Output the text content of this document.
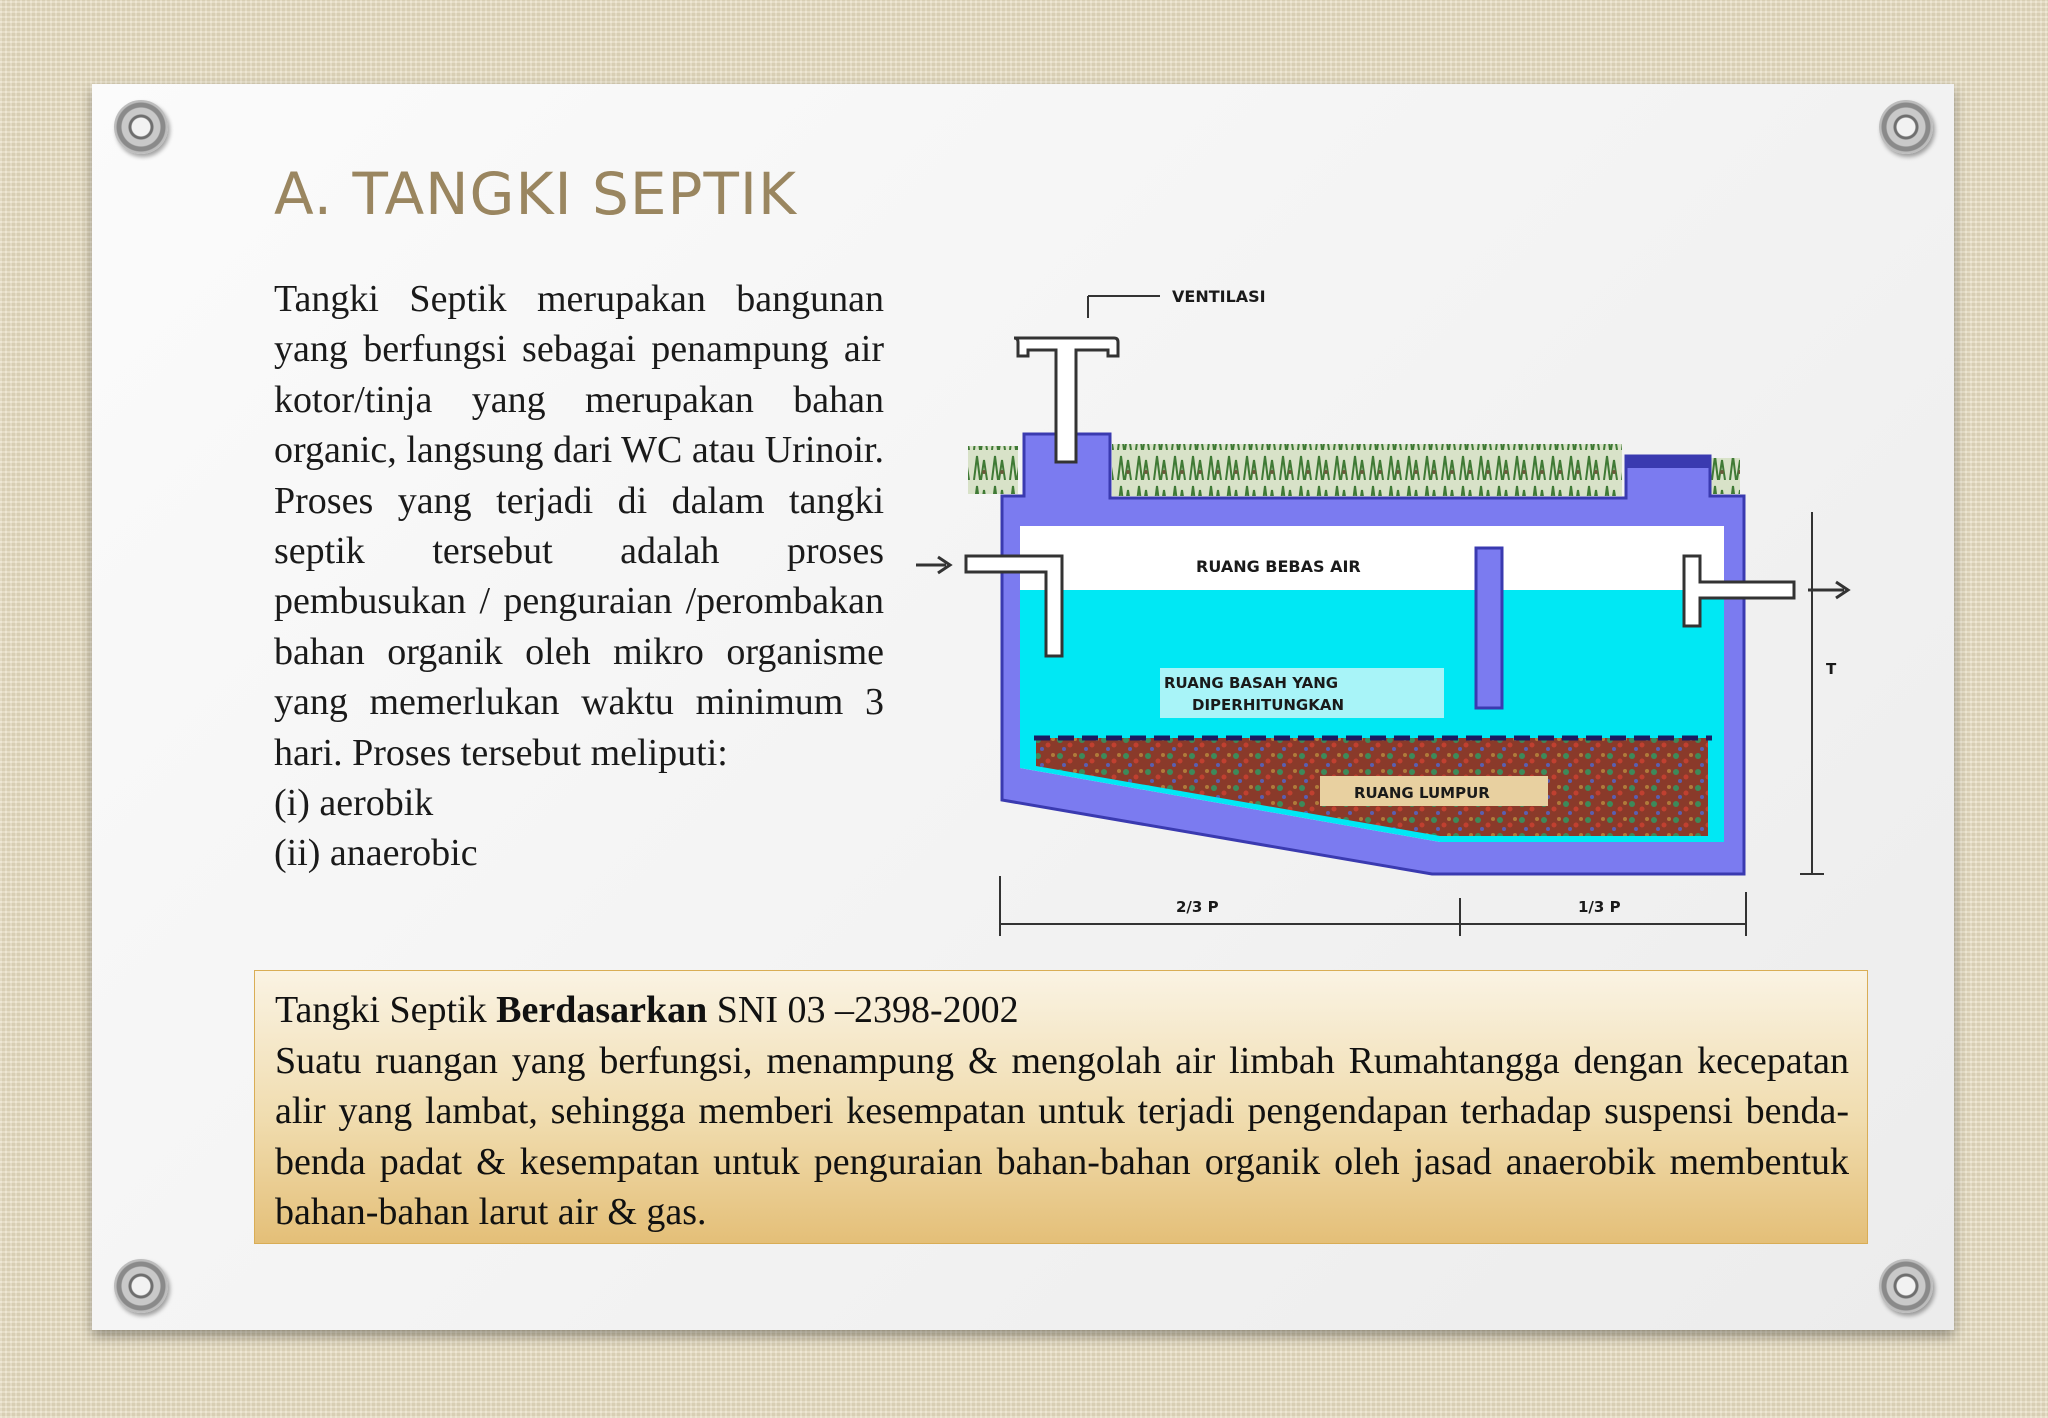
A. TANGKI SEPTIK
Tangki Septik merupakan bangunan yang berfungsi sebagai penampung air kotor/tinja yang merupakan bahan organic, langsung dari WC atau Urinoir. Proses yang terjadi di dalam tangki septik tersebut adalah proses pembusukan / penguraian /perombakan bahan organik oleh mikro organisme yang memerlukan waktu minimum 3 hari. Proses tersebut meliputi:
(i) aerobik
(ii) anaerobic
VENTILASI
RUANG BEBAS AIR
RUANG BASAH YANG
DIPERHITUNGKAN
RUANG LUMPUR
2/3 P	1/3 P
T
Tangki Septik Berdasarkan SNI 03 –2398-2002
Suatu ruangan yang berfungsi, menampung & mengolah air limbah Rumahtangga dengan kecepatan alir yang lambat, sehingga memberi kesempatan untuk terjadi pengendapan terhadap suspensi benda-benda padat & kesempatan untuk penguraian bahan-bahan organik oleh jasad anaerobik membentuk bahan-bahan larut air & gas.
